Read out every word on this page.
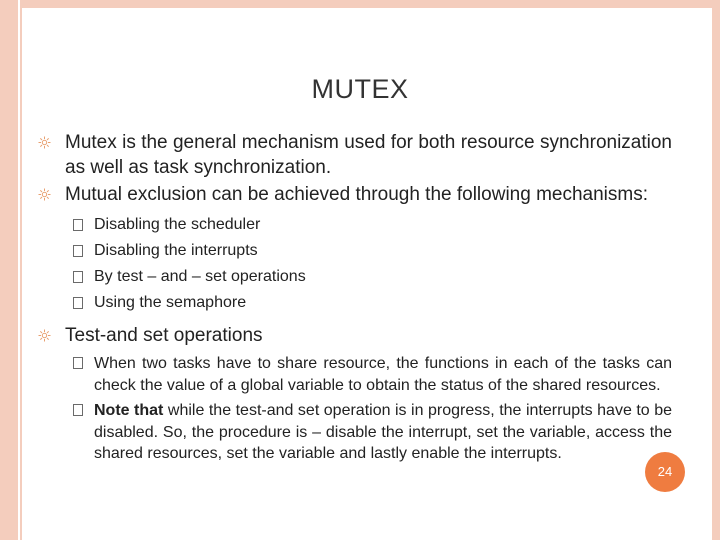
MUTEX
Mutex is the general mechanism used for both resource synchronization as well as task synchronization.
Mutual exclusion can be achieved through the following mechanisms:
Disabling the scheduler
Disabling the interrupts
By test – and – set operations
Using the semaphore
Test-and set operations
When two tasks have to share resource, the functions in each of the tasks can check the value of a global variable to obtain the status of the shared resources.
Note that while the test-and set operation is in progress, the interrupts have to be disabled. So, the procedure is – disable the interrupt, set the variable, access the shared resources, set the variable and lastly enable the interrupts.
24
